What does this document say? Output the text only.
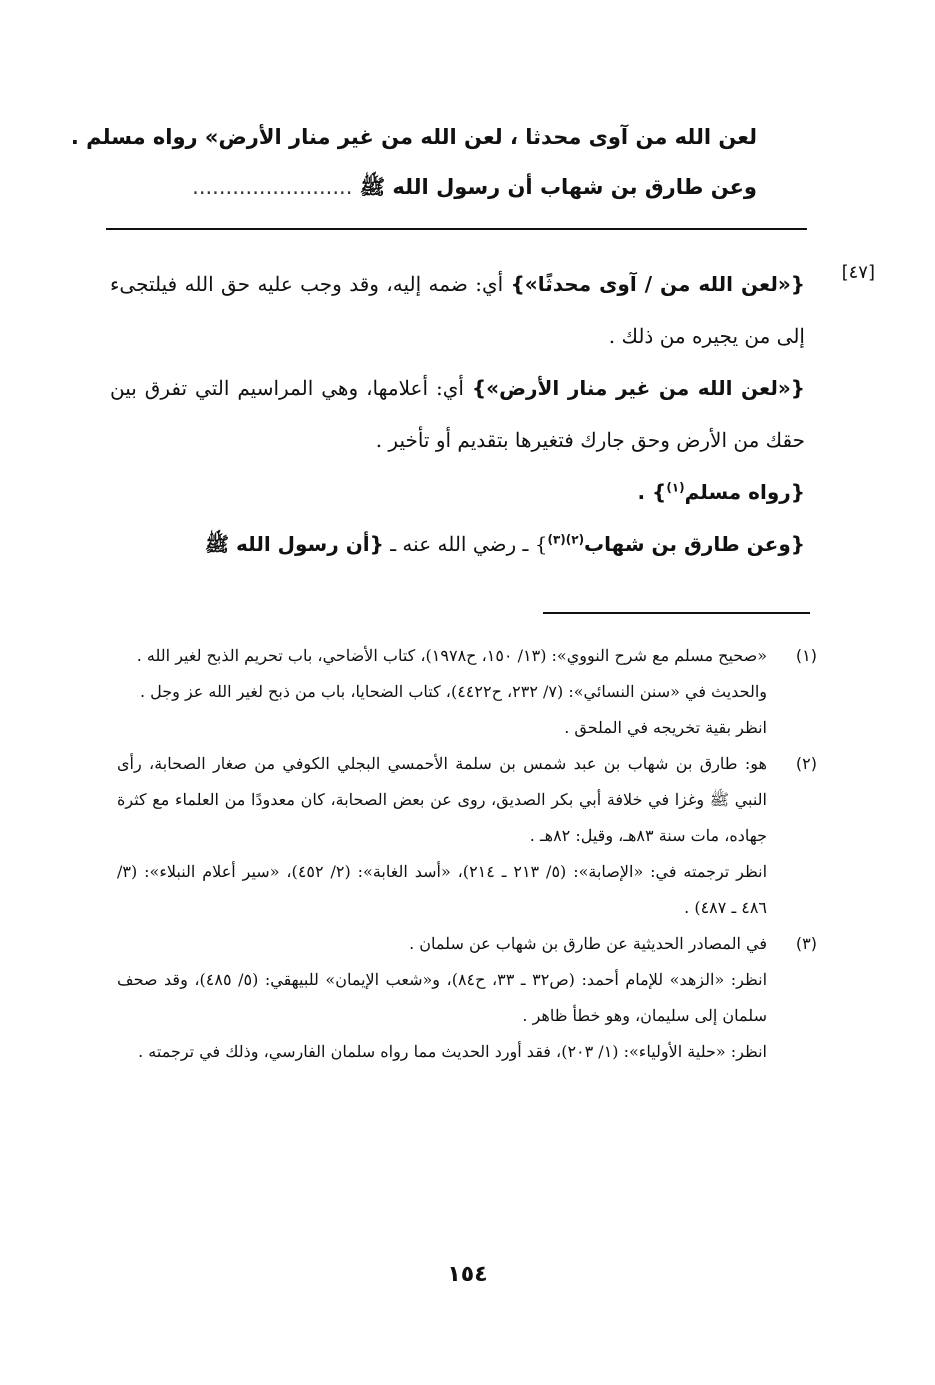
لعن الله من آوى محدثا ، لعن الله من غير منار الأرض» رواه مسلم .
وعن طارق بن شهاب أن رسول الله ﷺ ........................
[٤٧]

{«لعن الله من / آوى محدثًا»} أي: ضمه إليه، وقد وجب عليه حق الله فيلتجىء إلى من يجيره من ذلك .

{«لعن الله من غير منار الأرض»} أي: أعلامها، وهي المراسيم التي تفرق بين حقك من الأرض وحق جارك فتغيرها بتقديم أو تأخير .

{رواه مسلم$^{(١)}$} .

{وعن طارق بن شهاب$^{(٢)(٣)}$} ـ رضي الله عنه ـ {أن رسول الله ﷺ

(١)

«صحيح مسلم مع شرح النووي»: (١٣/ ١٥٠، ح١٩٧٨)، كتاب الأضاحي، باب تحريم الذبح لغير الله .

والحديث في «سنن النسائي»: (٧/ ٢٣٢، ح٤٤٢٢)، كتاب الضحايا، باب من ذبح لغير الله عز وجل .

انظر بقية تخريجه في الملحق .

(٢)

هو: طارق بن شهاب بن عبد شمس بن سلمة الأحمسي البجلي الكوفي من صغار الصحابة، رأى النبي ﷺ وغزا في خلافة أبي بكر الصديق، روى عن بعض الصحابة، كان معدودًا من العلماء مع كثرة جهاده، مات سنة ٨٣هـ، وقيل: ٨٢هـ .

انظر ترجمته في: «الإصابة»: (٥/ ٢١٣ ـ ٢١٤)، «أسد الغابة»: (٢/ ٤٥٢)، «سير أعلام النبلاء»: (٣/ ٤٨٦ ـ ٤٨٧) .

(٣)

في المصادر الحديثية عن طارق بن شهاب عن سلمان .

انظر: «الزهد» للإمام أحمد: (ص٣٢ ـ ٣٣، ح٨٤)، و«شعب الإيمان» للبيهقي: (٥/ ٤٨٥)، وقد صحف سلمان إلى سليمان، وهو خطأ ظاهر .

انظر: «حلية الأولياء»: (١/ ٢٠٣)، فقد أورد الحديث مما رواه سلمان الفارسي، وذلك في ترجمته .

١٥٤
